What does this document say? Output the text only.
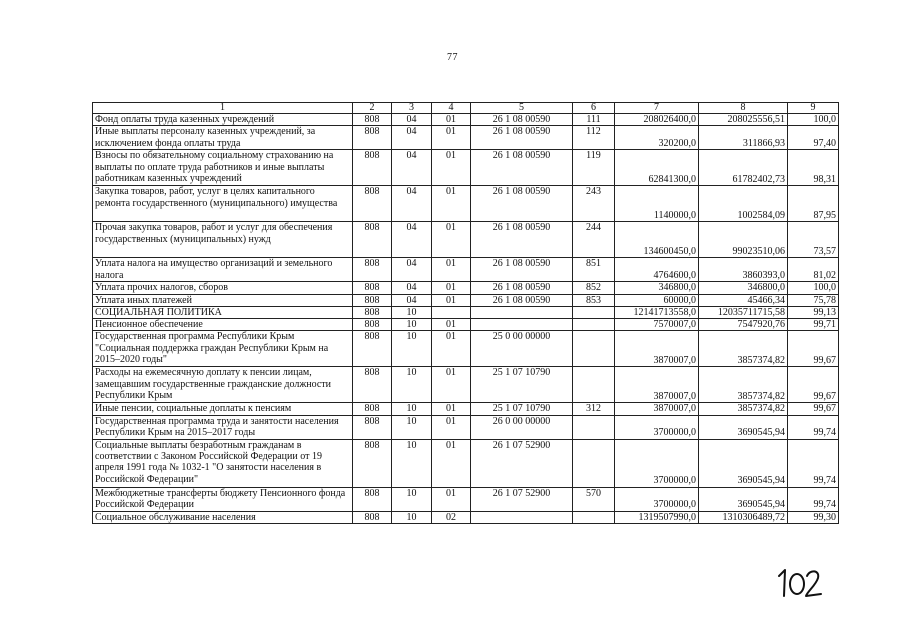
77
1	2	3	4	5	6	7	8	9
Фонд оплаты труда казенных учреждений	808	04	01	26 1 08 00590	111	208026400,0	208025556,51	100,0
Иные выплаты персоналу казенных учреждений, за исключением фонда оплаты труда	808	04	01	26 1 08 00590	112	320200,0	311866,93	97,40
Взносы по обязательному социальному страхованию на выплаты по оплате труда работников и иные выплаты работникам казенных учреждений	808	04	01	26 1 08 00590	119	62841300,0	61782402,73	98,31
Закупка товаров, работ, услуг в целях капитального ремонта государственного (муниципального) имущества	808	04	01	26 1 08 00590	243	1140000,0	1002584,09	87,95
Прочая закупка товаров, работ и услуг для обеспечения государственных (муниципальных) нужд	808	04	01	26 1 08 00590	244	134600450,0	99023510,06	73,57
Уплата налога на имущество организаций и земельного налога	808	04	01	26 1 08 00590	851	4764600,0	3860393,0	81,02
Уплата прочих налогов, сборов	808	04	01	26 1 08 00590	852	346800,0	346800,0	100,0
Уплата иных платежей	808	04	01	26 1 08 00590	853	60000,0	45466,34	75,78
СОЦИАЛЬНАЯ ПОЛИТИКА	808	10				12141713558,0	12035711715,58	99,13
Пенсионное обеспечение	808	10	01			7570007,0	7547920,76	99,71
Государственная программа Республики Крым "Социальная поддержка граждан Республики Крым на 2015–2020 годы"	808	10	01	25 0 00 00000		3870007,0	3857374,82	99,67
Расходы на ежемесячную доплату к пенсии лицам, замещавшим государственные гражданские должности Республики Крым	808	10	01	25 1 07 10790		3870007,0	3857374,82	99,67
Иные пенсии, социальные доплаты к пенсиям	808	10	01	25 1 07 10790	312	3870007,0	3857374,82	99,67
Государственная программа труда и занятости населения Республики Крым на 2015–2017 годы	808	10	01	26 0 00 00000		3700000,0	3690545,94	99,74
Социальные выплаты безработным гражданам в соответствии с Законом Российской Федерации от 19 апреля 1991 года № 1032-1 "О занятости населения в Российской Федерации"	808	10	01	26 1 07 52900		3700000,0	3690545,94	99,74
Межбюджетные трансферты бюджету Пенсионного фонда Российской Федерации	808	10	01	26 1 07 52900	570	3700000,0	3690545,94	99,74
Социальное обслуживание населения	808	10	02			1319507990,0	1310306489,72	99,30
